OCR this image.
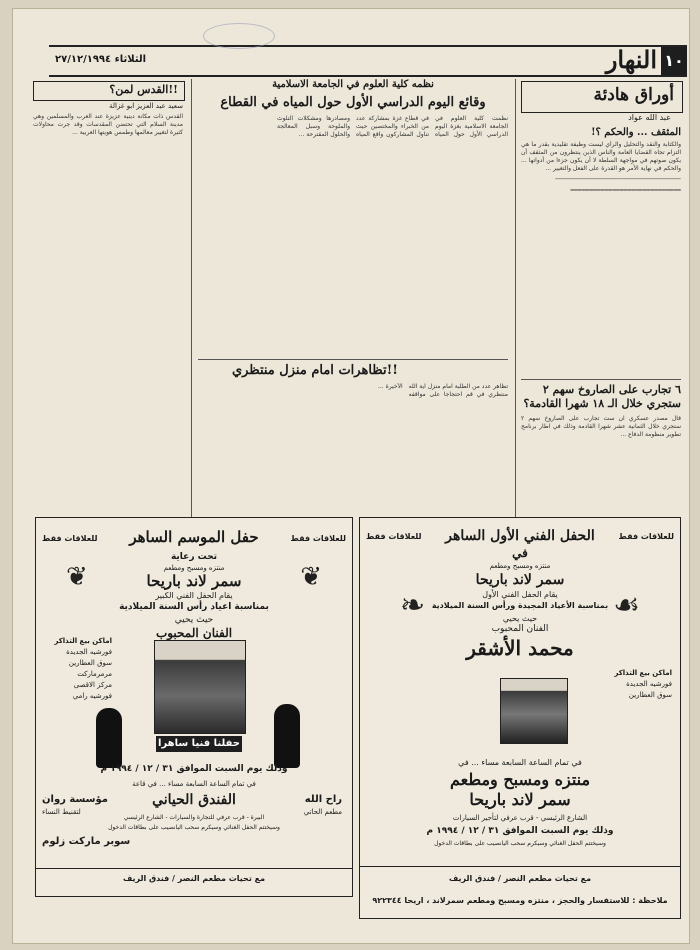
١٠
النهار
الثلاثاء ٢٧/١٢/١٩٩٤
أوراق هادئة
عبد الله عواد
المثقف ... والحكم ؟!

والكتابة والنقد والتحليل والرأي ليست وظيفة تقليدية بقدر ما هي التزام تجاه القضايا العامة والناس الذين ينتظرون من المثقف أن يكون صوتهم في مواجهة السلطة لا أن يكون جزءا من أدواتها ... والحكم في نهاية الأمر هو القدرة على الفعل والتغيير ...

─────────────────────────────────

━━━━━━━━━━━━━━━━━━━━━━━━━━━━━

٦ تجارب على الصاروخ سهم ٢ ستجري خلال الـ ١٨ شهرا القادمة؟

قال مصدر عسكري ان ست تجارب على الصاروخ سهم ٢ ستجري خلال الثمانية عشر شهرا القادمة وذلك في اطار برنامج تطوير منظومة الدفاع ...

نظمه كلية العلوم في الجامعة الاسلامية
وقائع اليوم الدراسي الأول حول المياه في القطاع

نظمت كلية العلوم في الجامعة الاسلامية بغزة اليوم الدراسي الأول حول المياه في قطاع غزة بمشاركة عدد من الخبراء والمختصين حيث تناول المشاركون واقع المياه ومصادرها ومشكلات التلوث والملوحة وسبل المعالجة والحلول المقترحة ...

تظاهرات امام منزل منتظري!!

تظاهر عدد من الطلبة امام منزل آية الله منتظري في قم احتجاجا على مواقفه الأخيرة ...

القدس لمن؟!!
سعيد عبد العزيز ابو غزالة

القدس ذات مكانة دينية عزيزة عند العرب والمسلمين وهي مدينة السلام التي تحتضن المقدسات وقد جرت محاولات كثيرة لتغيير معالمها وطمس هويتها العربية ...

للعلاقات فقط	للعلاقات فقط
حفل الموسم الساهر
تحت رعاية
منتزه ومسبح ومطعم
سمر لاند باريحا
يقام الحفل الفني الكبير
بمناسبة اعياد رأس السنة الميلادية
حيث يحيي
الفنان المحبوب
❦	❦
اماكن بيع التذاكر
فورشيه الجديدة
سوق العطارين
مرمرماركت
مركز الاقصى
فورشيه رامي
حفلنا فنيا ساهرا
وذلك يوم السبت الموافق ٣١ / ١٢ / ١٩٩٤ م
في تمام الساعة السابعة مساء ... في قاعة
الفندق الحياني
البيرة - قرب عرفي للتجارة والسيارات - الشارع الرئيسي
وسيختتم الحفل الغنائي وسيكرم سحب اليانصيب على بطاقات الدخول
مؤسسة روان
لتقنيط النساء
راح الله
مطعم الحاتي
سوبر ماركت زلوم
مع تحيات مطعم النصر / فندق الريف
للعلاقات فقط	للعلاقات فقط
الحفل الفني الأول الساهر
في
منتزه ومسبح ومطعم
سمر لاند باريحا
يقام الحفل الفني الأول
بمناسبة الأعياد المجيدة ورأس السنة الميلادية
حيث يحيي
الفنان المحبوب
محمد الأشقر
❧	☙
اماكن بيع التذاكر
فورشيه الجديدة
سوق العطارين
في تمام الساعة السابعة مساء ... في
منتزه ومسبح ومطعم
سمر لاند باريحا
الشارع الرئيسي - قرب عرفي لتأجير السيارات
وذلك يوم السبت الموافق ٣١ / ١٢ / ١٩٩٤ م
وسيختتم الحفل الغنائي وسيكرم سحب اليانصيب على بطاقات الدخول
مع تحيات مطعم النصر / فندق الريف
ملاحظة : للاستفسار والحجز ، منتزه ومسبح ومطعم سمرلاند ، اريحا ٩٢٢٣٤٤
